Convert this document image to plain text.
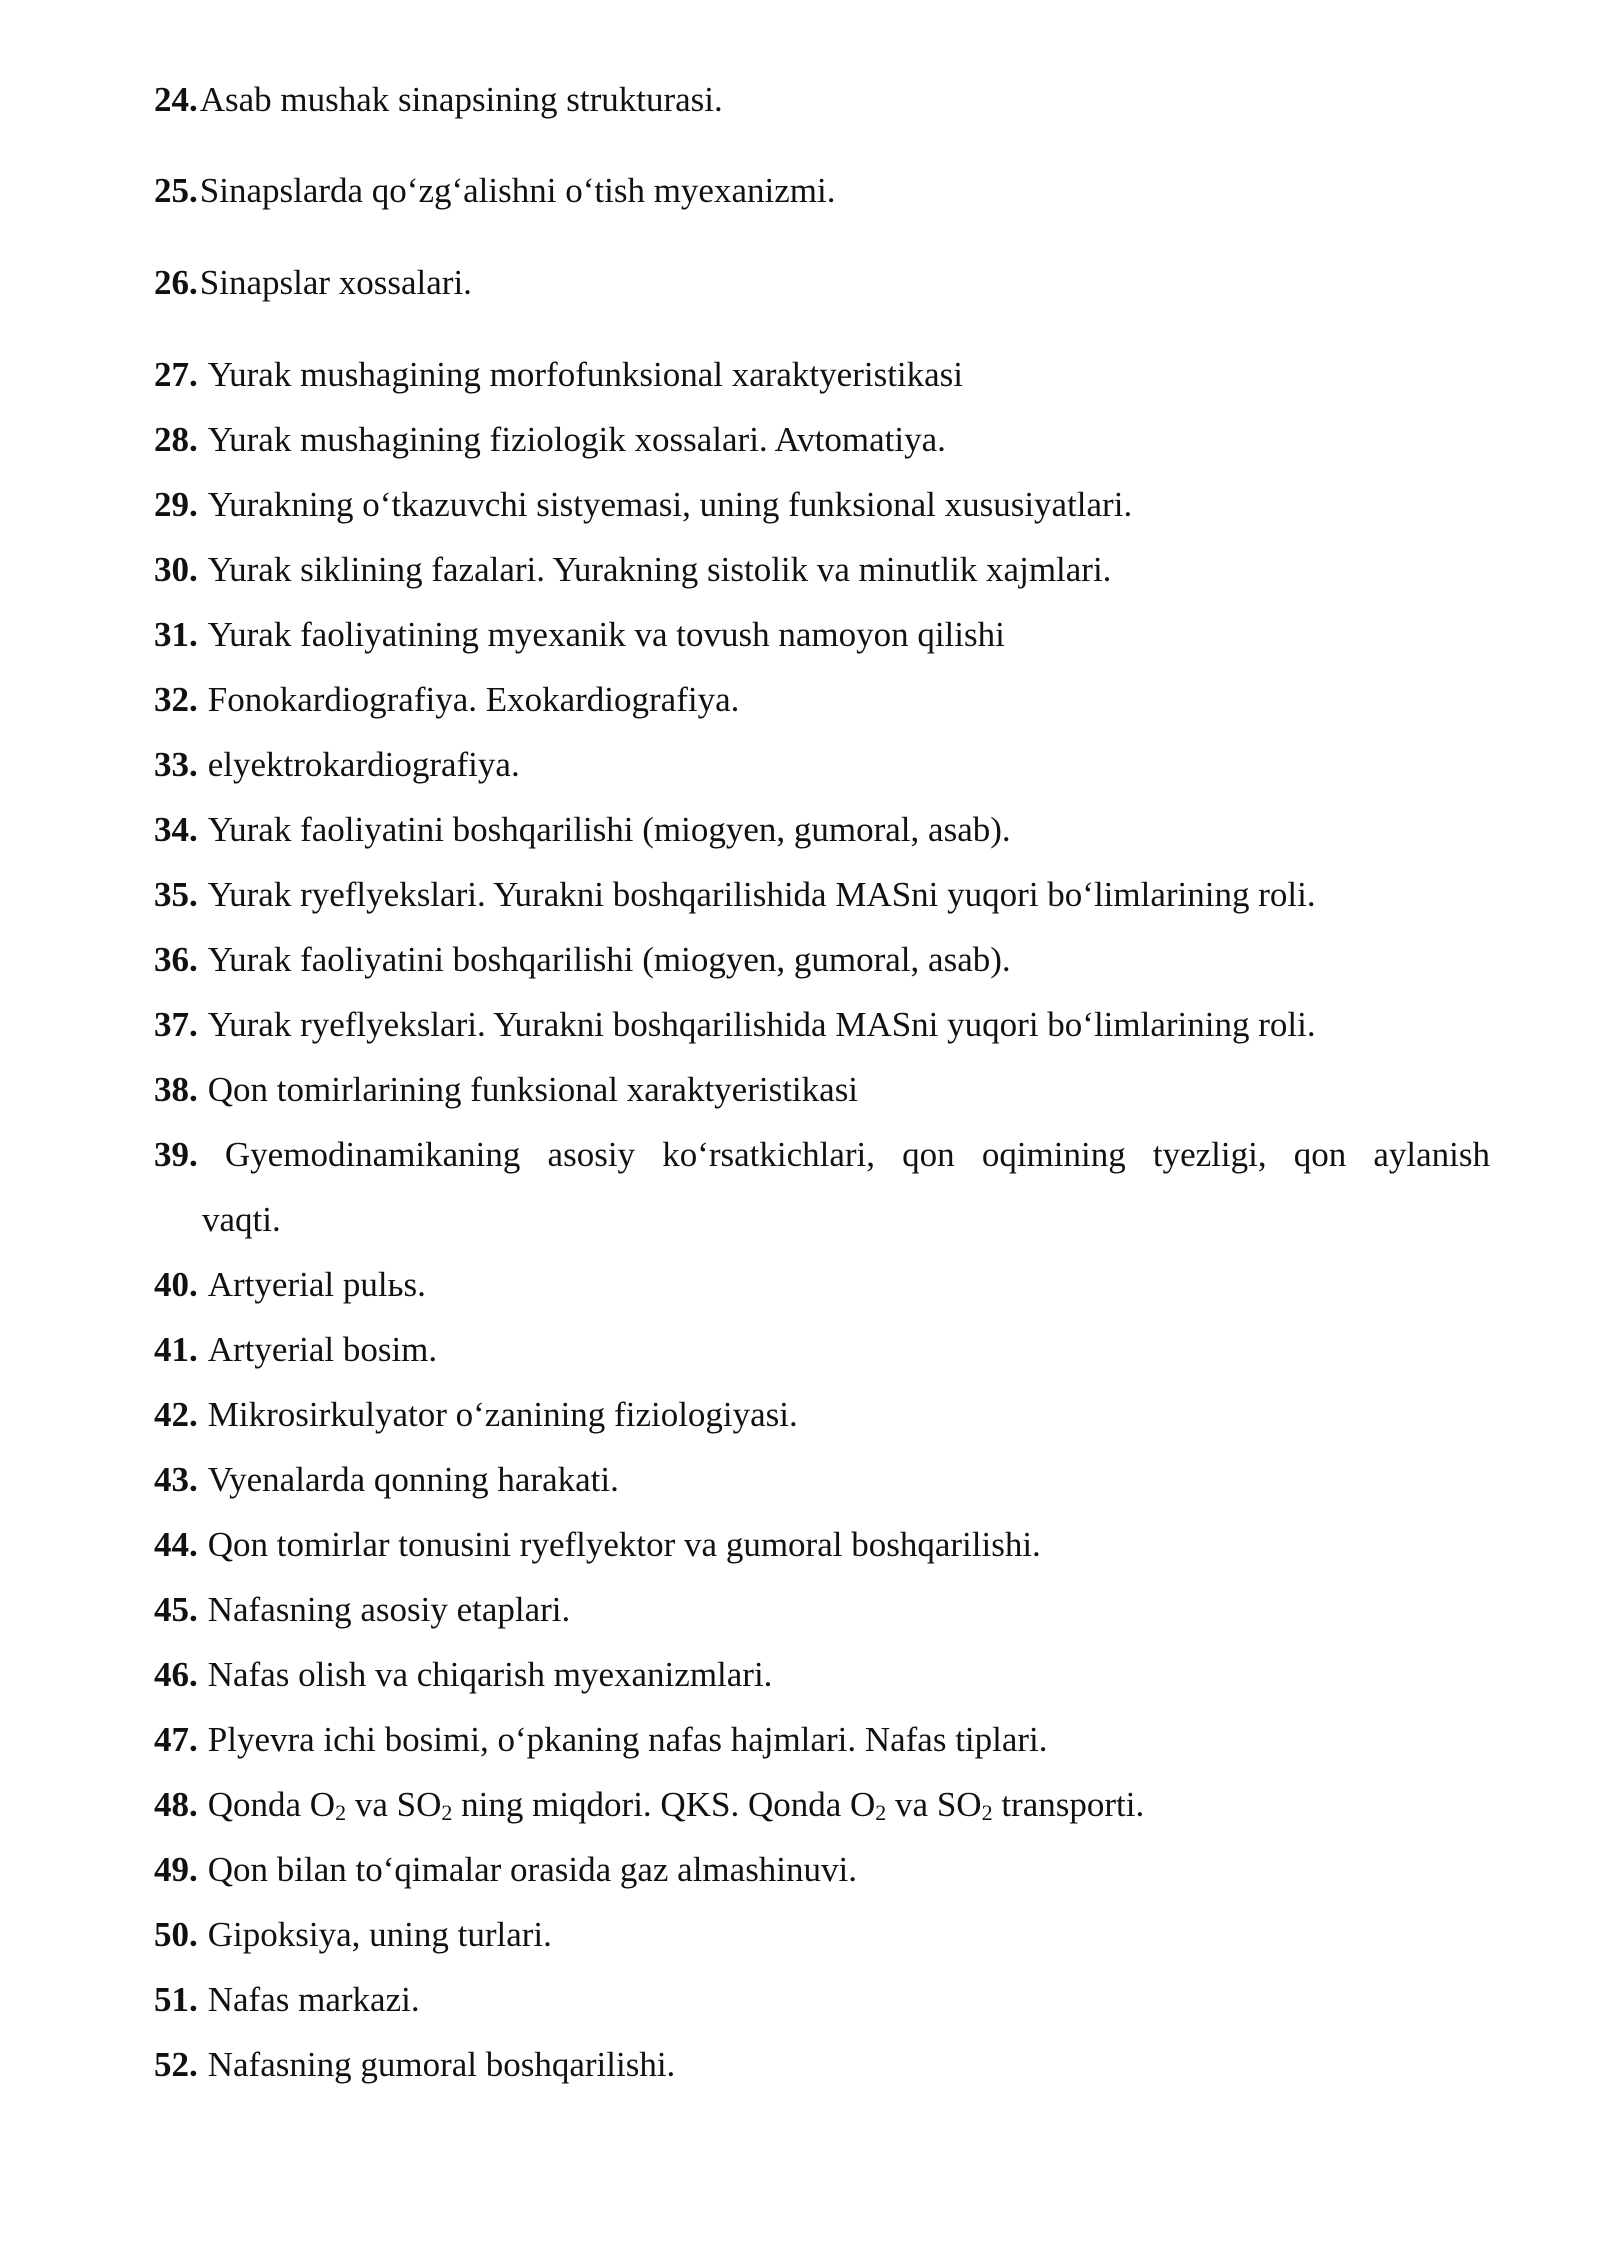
24.Asab mushak sinapsining strukturasi.
25.Sinapslarda qo‘zg‘alishni o‘tish myexanizmi.
26.Sinapslar xossalari.
27. Yurak mushagining morfofunksional xaraktyeristikasi
28. Yurak mushagining fiziologik xossalari. Avtomatiya.
29. Yurakning o‘tkazuvchi sistyemasi, uning funksional xususiyatlari.
30. Yurak siklining fazalari. Yurakning sistolik va minutlik xajmlari.
31. Yurak faoliyatining myexanik va tovush namoyon qilishi
32. Fonokardiografiya. Exokardiografiya.
33. elyektrokardiografiya.
34. Yurak faoliyatini boshqarilishi (miogyen, gumoral, asab).
35. Yurak ryeflyekslari. Yurakni boshqarilishida MASni yuqori bo‘limlarining roli.
36. Yurak faoliyatini boshqarilishi (miogyen, gumoral, asab).
37. Yurak ryeflyekslari. Yurakni boshqarilishida MASni yuqori bo‘limlarining roli.
38. Qon tomirlarining funksional xaraktyeristikasi
39. Gyemodinamikaning asosiy ko‘rsatkichlari, qon oqimining tyezligi, qon aylanish
vaqti.
40. Artyerial pulьs.
41. Artyerial bosim.
42. Mikrosirkulyator o‘zanining fiziologiyasi.
43. Vyenalarda qonning harakati.
44. Qon tomirlar tonusini ryeflyektor va gumoral boshqarilishi.
45. Nafasning asosiy etaplari.
46. Nafas olish va chiqarish myexanizmlari.
47. Plyevra ichi bosimi, o‘pkaning nafas hajmlari. Nafas tiplari.
48. Qonda $O_2$ va $SO_2$ ning miqdori. QKS. Qonda $O_2$ va $SO_2$ transporti.
49. Qon bilan to‘qimalar orasida gaz almashinuvi.
50. Gipoksiya, uning turlari.
51. Nafas markazi.
52. Nafasning gumoral boshqarilishi.
